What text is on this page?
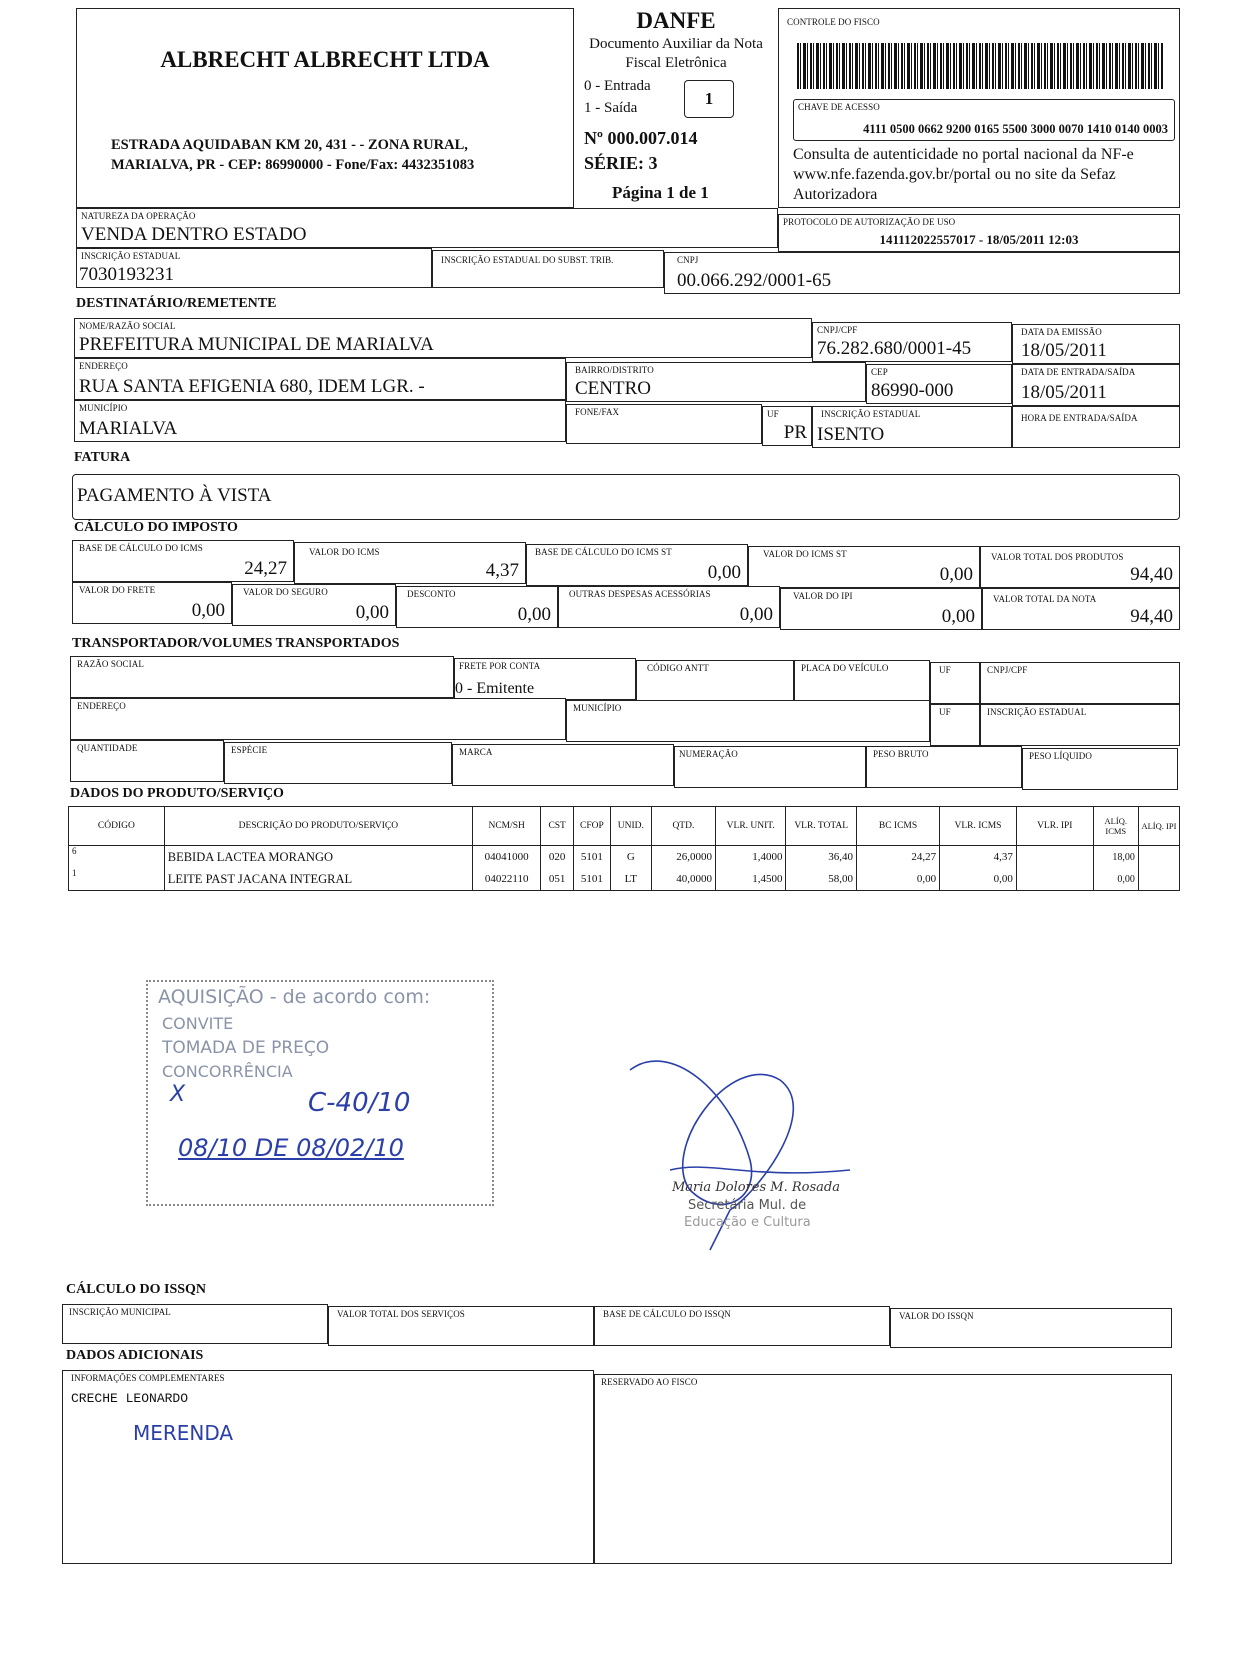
ALBRECHT ALBRECHT LTDA
ESTRADA AQUIDABAN KM 20, 431 - - ZONA RURAL,
MARIALVA, PR - CEP: 86990000 - Fone/Fax: 4432351083
DANFE
Documento Auxiliar da Nota
Fiscal Eletrônica
0 - Entrada
1 - Saída	1
Nº 000.007.014
SÉRIE: 3
Página 1 de 1
CONTROLE DO FISCO
CHAVE DE ACESSO
4111 0500 0662 9200 0165 5500 3000 0070 1410 0140 0003
Consulta de autenticidade no portal nacional da NF-e www.nfe.fazenda.gov.br/portal ou no site da Sefaz Autorizadora
NATUREZA DA OPERAÇÃO
VENDA DENTRO ESTADO
PROTOCOLO DE AUTORIZAÇÃO DE USO
141112022557017 - 18/05/2011 12:03
INSCRIÇÃO ESTADUAL
7030193231
INSCRIÇÃO ESTADUAL DO SUBST. TRIB.	CNPJ
00.066.292/0001-65
DESTINATÁRIO/REMETENTE
NOME/RAZÃO SOCIAL
PREFEITURA MUNICIPAL DE MARIALVA
CNPJ/CPF
76.282.680/0001-45
DATA DA EMISSÃO
18/05/2011
ENDEREÇO
RUA SANTA EFIGENIA 680, IDEM LGR. -
BAIRRO/DISTRITO
CENTRO
CEP
86990-000
DATA DE ENTRADA/SAÍDA
18/05/2011
MUNICÍPIO
MARIALVA
FONE/FAX	UF
PR
INSCRIÇÃO ESTADUAL
ISENTO
HORA DE ENTRADA/SAÍDA
FATURA
PAGAMENTO À VISTA
CÁLCULO DO IMPOSTO
BASE DE CÁLCULO DO ICMS
24,27
VALOR DO ICMS
4,37
BASE DE CÁLCULO DO ICMS ST
0,00
VALOR DO ICMS ST
0,00
VALOR TOTAL DOS PRODUTOS
94,40
VALOR DO FRETE
0,00
VALOR DO SEGURO
0,00
DESCONTO
0,00
OUTRAS DESPESAS ACESSÓRIAS
0,00
VALOR DO IPI
0,00
VALOR TOTAL DA NOTA
94,40
TRANSPORTADOR/VOLUMES TRANSPORTADOS
RAZÃO SOCIAL	FRETE POR CONTA
0 - Emitente
CÓDIGO ANTT	PLACA DO VEÍCULO	UF	CNPJ/CPF
ENDEREÇO	MUNICÍPIO	UF	INSCRIÇÃO ESTADUAL
QUANTIDADE	ESPÉCIE	MARCA	NUMERAÇÃO	PESO BRUTO	PESO LÍQUIDO
DADOS DO PRODUTO/SERVIÇO
CÓDIGO	DESCRIÇÃO DO PRODUTO/SERVIÇO	NCM/SH	CST	CFOP	UNID.	QTD.	VLR. UNIT.	VLR. TOTAL	BC ICMS	VLR. ICMS	VLR. IPI	ALÍQ. ICMS	ALÍQ. IPI
6	BEBIDA LACTEA MORANGO	04041000	020	5101	G	26,0000	1,4000	36,40	24,27	4,37		18,00	
1	LEITE PAST JACANA INTEGRAL	04022110	051	5101	LT	40,0000	1,4500	58,00	0,00	0,00		0,00	
AQUISIÇÃO - de acordo com:
CONVITE
TOMADA DE PREÇO
CONCORRÊNCIA
X	C-40/10
08/10 DE 08/02/10
Maria Dolores M. Rosada
Secretária Mul. de
Educação e Cultura
CÁLCULO DO ISSQN
INSCRIÇÃO MUNICIPAL	VALOR TOTAL DOS SERVIÇOS	BASE DE CÁLCULO DO ISSQN	VALOR DO ISSQN
DADOS ADICIONAIS
INFORMAÇÕES COMPLEMENTARES
CRECHE LEONARDO
MERENDA
RESERVADO AO FISCO
